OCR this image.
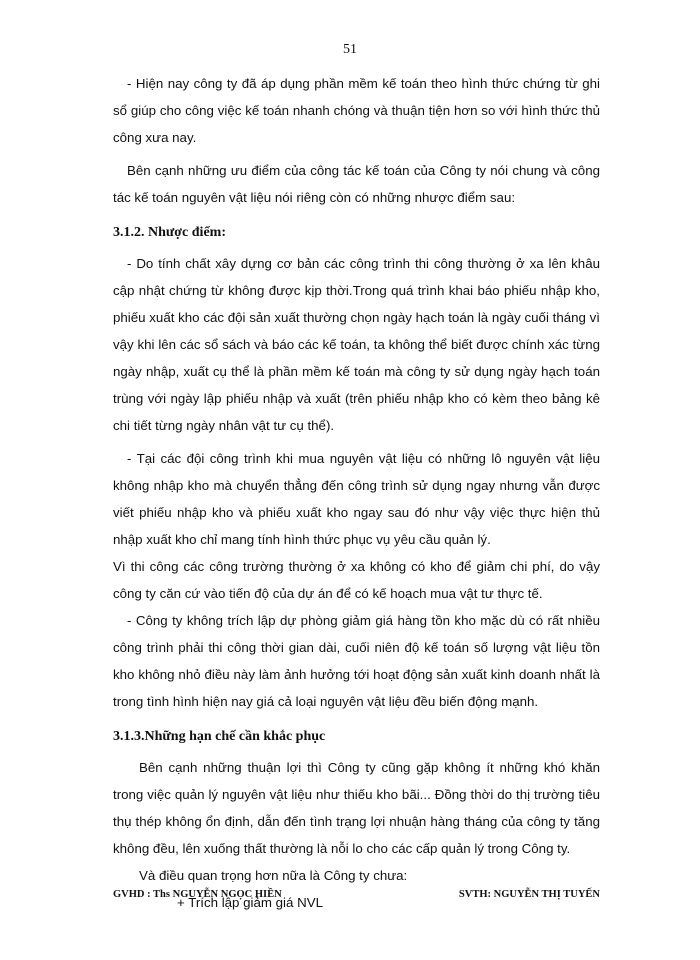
51

- Hiện nay công ty đã áp dụng phần mềm kế toán theo hình thức chứng từ ghi sổ giúp cho công việc kế toán nhanh chóng và thuận tiện hơn so với hình thức thủ công xưa nay.

Bên cạnh những ưu điểm của công tác kế toán của Công ty nói chung và công tác kế toán nguyên vật liệu nói riêng còn có những nhược điểm sau:

3.1.2. Nhược điểm:

- Do tính chất xây dựng cơ bản các công trình thi công thường ở xa lên khâu cập nhật chứng từ không được kịp thời.Trong quá trình khai báo phiếu nhập kho, phiếu xuất kho các đội sản xuất thường chọn ngày hạch toán là ngày cuối tháng vì vậy khi lên các sổ sách và báo các kế toán, ta không thể biết được chính xác từng ngày nhập, xuất cụ thể là phần mềm kế toán mà công ty sử dụng ngày hạch toán trùng với ngày lập phiếu nhập và xuất (trên phiếu nhập kho có kèm theo bảng kê chi tiết từng ngày nhân vật tư cụ thể).

- Tại các đội công trình khi mua nguyên vật liệu có những lô nguyên vật liệu không nhập kho mà chuyển thẳng đến công trình sử dụng ngay nhưng vẫn được viết phiếu nhập kho và phiếu xuất kho ngay sau đó như vậy việc thực hiện thủ nhập xuất kho chỉ mang tính hình thức phục vụ yêu cầu quản lý.

Vì thi công các công trường thường ở xa không có kho để giảm chi phí, do vậy công ty căn cứ vào tiến độ của dự án để có kế hoạch mua vật tư thực tế.

- Công ty không trích lập dự phòng giảm giá hàng tồn kho mặc dù có rất nhiều công trình phải thi công thời gian dài, cuối niên độ kế toán số lượng vật liệu tồn kho không nhỏ điều này làm ảnh hưởng tới hoạt động sản xuất kinh doanh nhất là trong tình hình hiện nay giá cả loại nguyên vật liệu đều biến động mạnh.

3.1.3.Những hạn chế cần khắc phục

Bên cạnh những thuận lợi thì Công ty cũng gặp không ít những khó khăn trong việc quản lý nguyên vật liệu như thiếu kho bãi... Đồng thời do thị trường tiêu thụ thép không ổn định, dẫn đến tình trạng lợi nhuận hàng tháng của công ty tăng không đều, lên xuống thất thường là nỗi lo cho các cấp quản lý trong Công ty.

Và điều quan trọng hơn nữa là Công ty chưa:

+ Trích lập giảm giá NVL

GVHD : Ths NGUYỄN NGỌC HIỀN	SVTH: NGUYỄN THỊ TUYẾN
